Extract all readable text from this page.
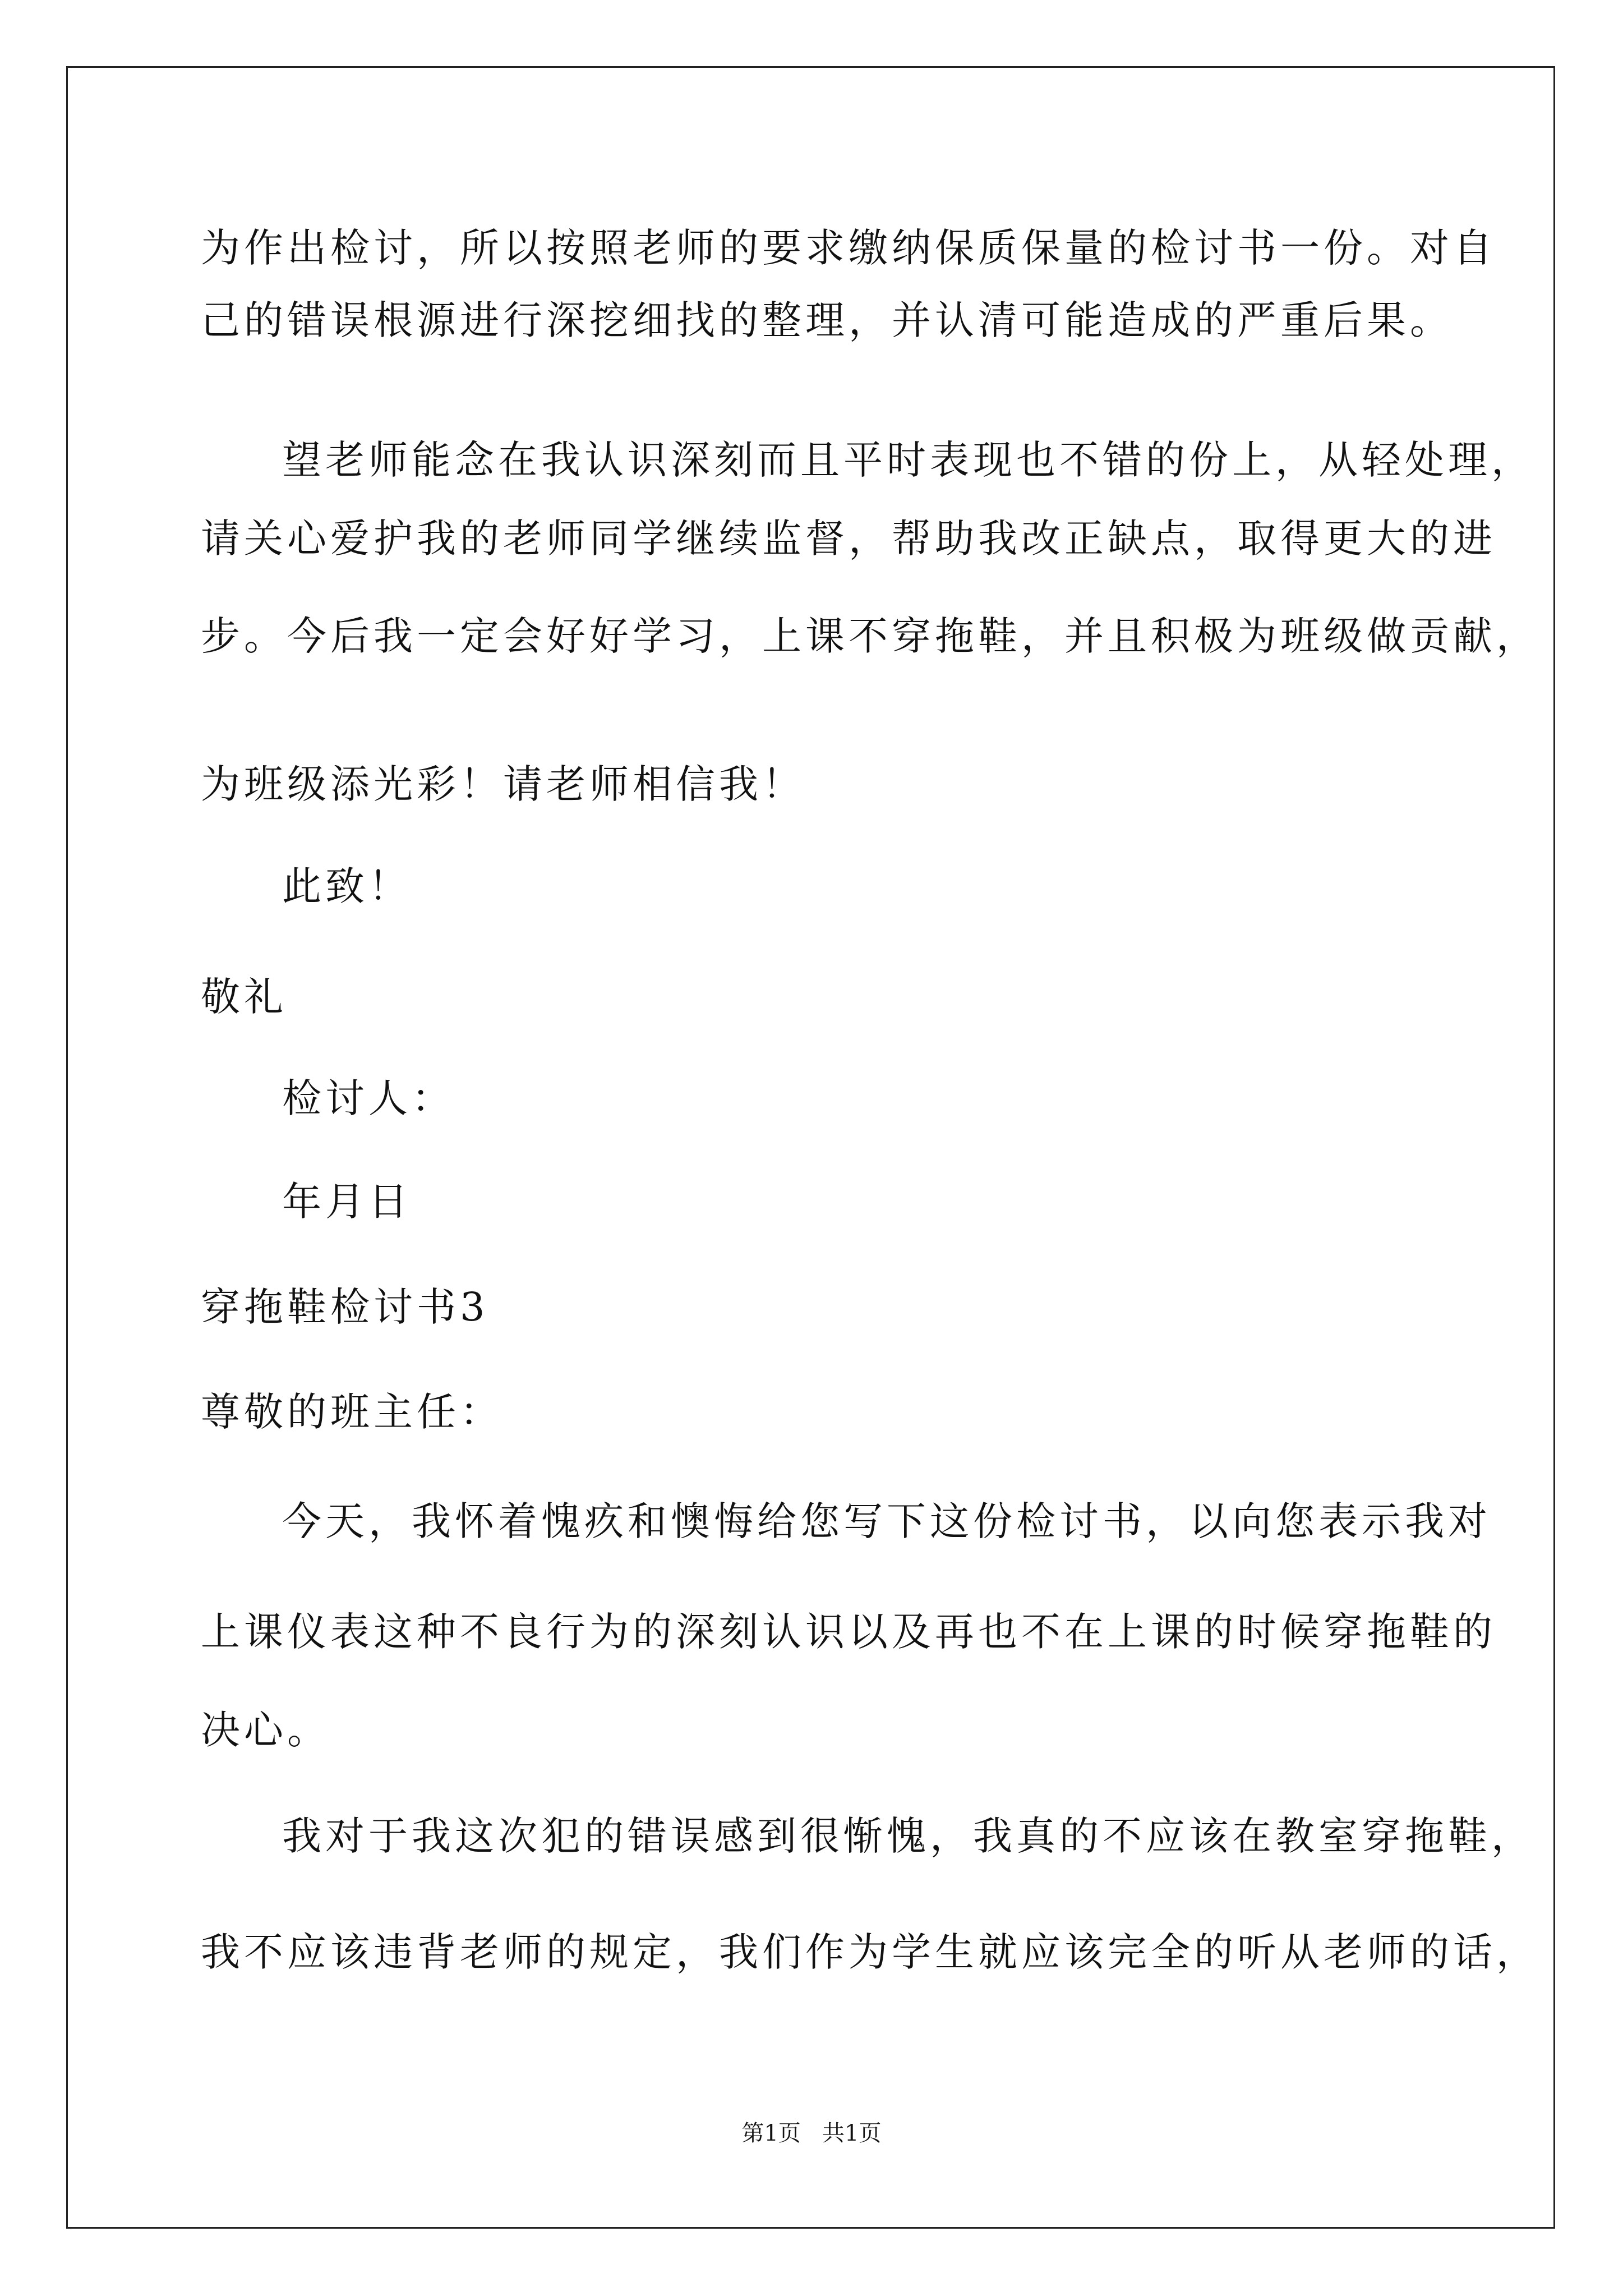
为作出检讨，所以按照老师的要求缴纳保质保量的检讨书一份。对自
己的错误根源进行深挖细找的整理，并认清可能造成的严重后果。
望老师能念在我认识深刻而且平时表现也不错的份上，从轻处理，
请关心爱护我的老师同学继续监督，帮助我改正缺点，取得更大的进
步。今后我一定会好好学习，上课不穿拖鞋，并且积极为班级做贡献，
为班级添光彩！请老师相信我！
此致！
敬礼
检讨人：
年月日
穿拖鞋检讨书3
尊敬的班主任：
今天，我怀着愧疚和懊悔给您写下这份检讨书，以向您表示我对
上课仪表这种不良行为的深刻认识以及再也不在上课的时候穿拖鞋的
决心。
我对于我这次犯的错误感到很惭愧，我真的不应该在教室穿拖鞋，
我不应该违背老师的规定，我们作为学生就应该完全的听从老师的话，
第1页   共1页
